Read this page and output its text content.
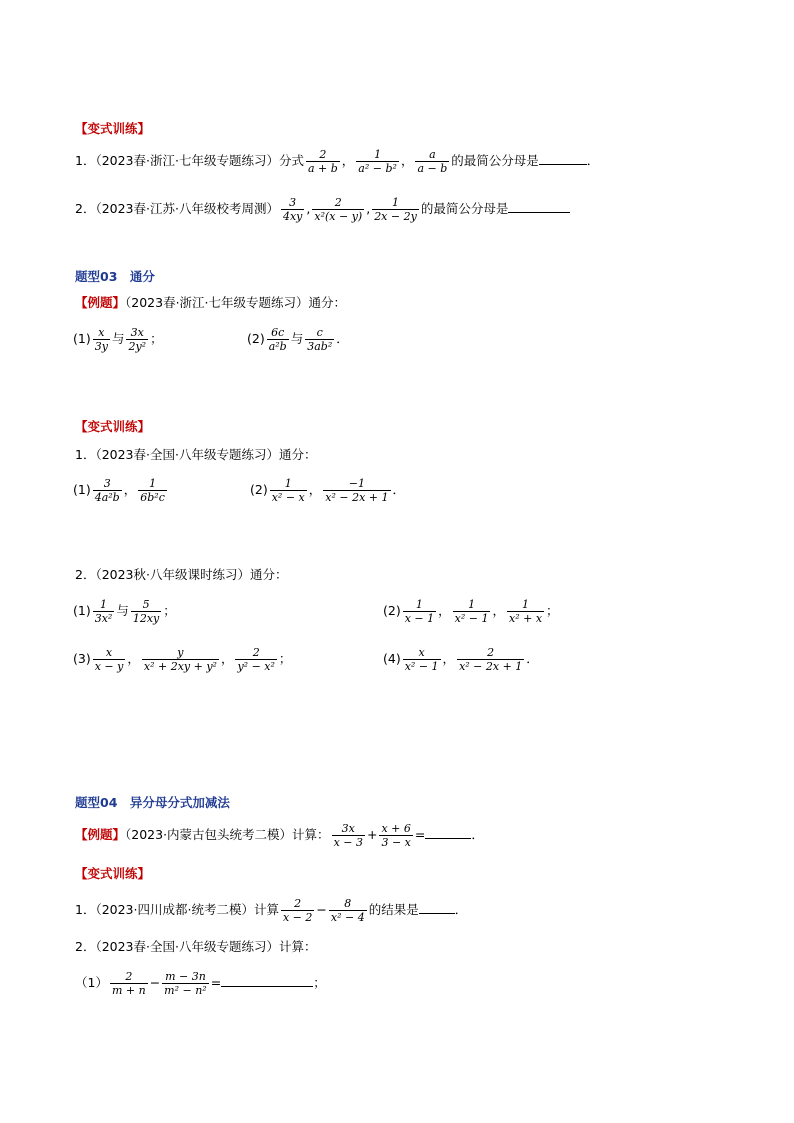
【变式训练】
1．（2023春·浙江·七年级专题练习）分式 $\frac{2}{a + b}$ ， $\frac{1}{\text{a² − b²}}$ ， $\frac{a}{a - b}$ 的最简公分母是	．
2．（2023春·江苏·八年级校考周测） $\frac{3}{4xy}$ , $\frac{2}{\text{x²(x − y)}}$ , $\frac{1}{2x - 2y}$ 的最简公分母是
题型03　通分
【例题】（2023春·浙江·七年级专题练习）通分：
$(1) \frac{x}{3y}$ 与 $\frac{3x}{\text{2y²}}$ ；	$(2) \frac{6c}{\text{a²b}}$ 与 $\frac{c}{\text{3ab²}}$ ．
【变式训练】
1．（2023春·全国·八年级专题练习）通分：
$(1) \frac{3}{\text{4a²b}}$ ， $\frac{1}{\text{6b²c}}$	$(2) \frac{1}{\text{x² − x}}$ ， $\frac{-1}{\text{x² − 2x + 1}}$ ．
2．（2023秋·八年级课时练习）通分：
$(1) \frac{1}{\text{3x²}}$ 与 $\frac{5}{12xy}$ ；	$(2) \frac{1}{x - 1}$ ， $\frac{1}{\text{x² − 1}}$ ， $\frac{1}{\text{x² + x}}$ ；
$(3) \frac{x}{x - y}$ ， $\frac{y}{\text{x² + 2xy + y²}}$ ， $\frac{2}{\text{y² − x²}}$ ；	$(4) \frac{x}{\text{x² − 1}}$ ， $\frac{2}{\text{x² − 2x + 1}}$ ．
题型04　异分母分式加减法
【例题】（2023·内蒙古包头统考二模）计算： $\frac{3x}{x - 3} + \frac{x + 6}{3 - x}$ =	．
【变式训练】
1．（2023·四川成都·统考二模）计算 $\frac{2}{x - 2} - \frac{8}{\text{x² − 4}}$ 的结果是	．
2．（2023春·全国·八年级专题练习）计算：
$(1) \frac{2}{m + n} - \frac{m - 3n}{\text{m² − n²}}$ =	；
